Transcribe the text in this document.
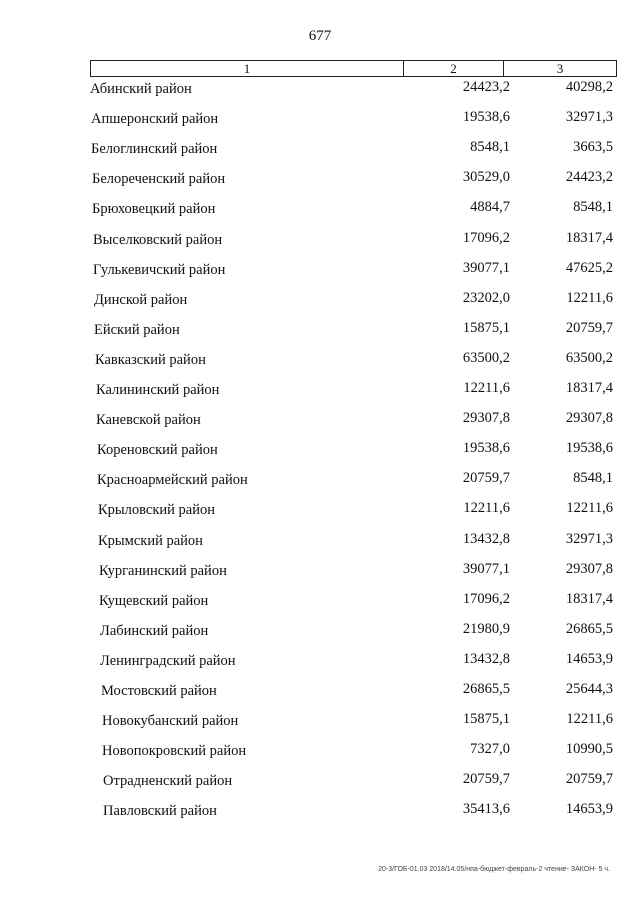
677
1	2	3
Абинский район	24423,2	40298,2
Апшеронский район	19538,6	32971,3
Белоглинский район	8548,1	3663,5
Белореченский район	30529,0	24423,2
Брюховецкий район	4884,7	8548,1
Выселковский район	17096,2	18317,4
Гулькевичский район	39077,1	47625,2
Динской район	23202,0	12211,6
Ейский район	15875,1	20759,7
Кавказский район	63500,2	63500,2
Калининский район	12211,6	18317,4
Каневской район	29307,8	29307,8
Кореновский район	19538,6	19538,6
Красноармейский район	20759,7	8548,1
Крыловский район	12211,6	12211,6
Крымский район	13432,8	32971,3
Курганинский район	39077,1	29307,8
Кущевский район	17096,2	18317,4
Лабинский район	21980,9	26865,5
Ленинградский район	13432,8	14653,9
Мостовский район	26865,5	25644,3
Новокубанский район	15875,1	12211,6
Новопокровский район	7327,0	10990,5
Отрадненский район	20759,7	20759,7
Павловский район	35413,6	14653,9
20-3/ГОБ-01.03 2018/14.05/нпа-бюджет-февраль-2 чтение- ЗАКОН- 5 ч.
